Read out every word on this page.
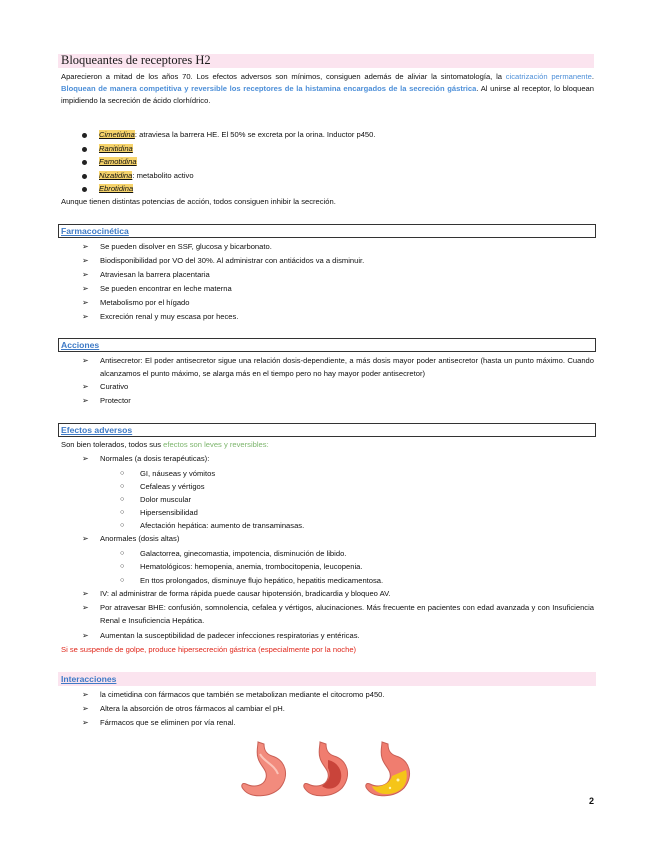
Bloqueantes de receptores H2
Aparecieron a mitad de los años 70. Los efectos adversos son mínimos, consiguen además de aliviar la sintomatología, la cicatrización permanente. Bloquean de manera competitiva y reversible los receptores de la histamina encargados de la secreción gástrica. Al unirse al receptor, lo bloquean impidiendo la secreción de ácido clorhídrico.
Cimetidina: atraviesa la barrera HE. El 50% se excreta por la orina. Inductor p450.
Ranitidina
Famotidina
Nizatidina: metabolito activo
Ebrotidina
Aunque tienen distintas potencias de acción, todos consiguen inhibir la secreción.
Farmacocinética
➢ Se pueden disolver en SSF, glucosa y bicarbonato.
➢ Biodisponibilidad por VO del 30%. Al administrar con antiácidos va a disminuir.
➢ Atraviesan la barrera placentaria
➢ Se pueden encontrar en leche materna
➢ Metabolismo por el hígado
➢ Excreción renal y muy escasa por heces.
Acciones
➢ Antisecretor: El poder antisecretor sigue una relación dosis-dependiente, a más dosis mayor poder antisecretor (hasta un punto máximo. Cuando alcanzamos el punto máximo, se alarga más en el tiempo pero no hay mayor poder antisecretor)
➢ Curativo
➢ Protector
Efectos adversos
Son bien tolerados, todos sus efectos son leves y reversibles:
➢ Normales (a dosis terapéuticas):
○ GI, náuseas y vómitos
○ Cefaleas y vértigos
○ Dolor muscular
○ Hipersensibilidad
○ Afectación hepática: aumento de transaminasas.
➢ Anormales (dosis altas)
○ Galactorrea, ginecomastia, impotencia, disminución de libido.
○ Hematológicos: hemopenia, anemia, trombocitopenia, leucopenia.
○ En ttos prolongados, disminuye flujo hepático, hepatitis medicamentosa.
➢ IV: al administrar de forma rápida puede causar hipotensión, bradicardia y bloqueo AV.
➢ Por atravesar BHE: confusión, somnolencia, cefalea y vértigos, alucinaciones. Más frecuente en pacientes con edad avanzada y con Insuficiencia Renal e Insuficiencia Hepática.
➢ Aumentan la susceptibilidad de padecer infecciones respiratorias y entéricas.
Si se suspende de golpe, produce hipersecreción gástrica (especialmente por la noche)
Interacciones
➢ la cimetidina con fármacos que también se metabolizan mediante el citocromo p450.
➢ Altera la absorción de otros fármacos al cambiar el pH.
➢ Fármacos que se eliminen por vía renal.
2
